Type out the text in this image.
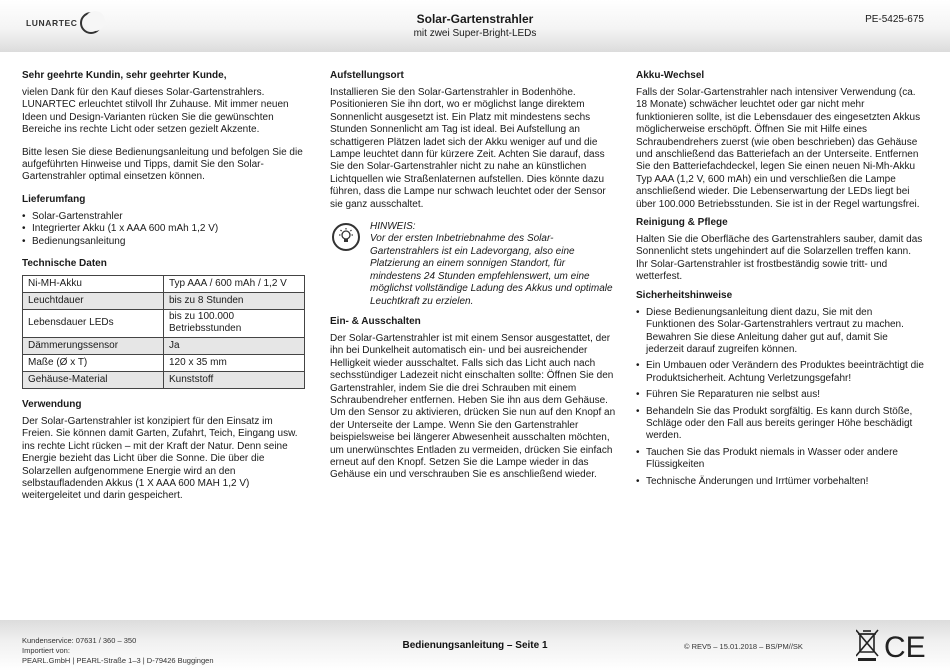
LUNARTEC	Solar-Gartenstrahler
mit zwei Super-Bright-LEDs
PE-5425-675
Sehr geehrte Kundin, sehr geehrter Kunde,

vielen Dank für den Kauf dieses Solar-Gartenstrahlers. LUNARTEC erleuchtet stilvoll Ihr Zuhause. Mit immer neuen Ideen und Design-Varianten rücken Sie die gewünschten Bereiche ins rechte Licht oder setzen gezielt Akzente.

Bitte lesen Sie diese Bedienungsanleitung und befolgen Sie die aufgeführten Hinweise und Tipps, damit Sie den Solar-Gartenstrahler optimal einsetzen können.

Lieferumfang
• Solar-Gartenstrahler
• Integrierter Akku (1 x AAA 600 mAh 1,2 V)
• Bedienungsanleitung
Technische Daten
Ni-MH-Akku	Typ AAA / 600 mAh / 1,2 V
Leuchtdauer	bis zu 8 Stunden
Lebensdauer LEDs	bis zu 100.000 Betriebsstunden
Dämmerungssensor	Ja
Maße (Ø x T)	120 x 35 mm
Gehäuse-Material	Kunststoff
Verwendung

Der Solar-Gartenstrahler ist konzipiert für den Einsatz im Freien. Sie können damit Garten, Zufahrt, Teich, Eingang usw. ins rechte Licht rücken – mit der Kraft der Natur. Denn seine Energie bezieht das Licht über die Sonne. Die über die Solarzellen aufgenommene Energie wird an den selbstaufladenden Akkus (1 X AAA 600 MAH 1,2 V) weitergeleitet und darin gespeichert.

Aufstellungsort

Installieren Sie den Solar-Gartenstrahler in Bodenhöhe. Positionieren Sie ihn dort, wo er möglichst lange direktem Sonnenlicht ausgesetzt ist. Ein Platz mit mindestens sechs Stunden Sonnenlicht am Tag ist ideal. Bei Aufstellung an schattigeren Plätzen ladet sich der Akku weniger auf und die Lampe leuchtet dann für kürzere Zeit. Achten Sie darauf, dass Sie den Solar-Gartenstrahler nicht zu nahe an künstlichen Lichtquellen wie Straßenlaternen aufstellen. Dies könnte dazu führen, dass die Lampe nur schwach leuchtet oder der Sensor sie ganz ausschaltet.

HINWEIS:
Vor der ersten Inbetriebnahme des Solar-Gartenstrahlers ist ein Ladevorgang, also eine Platzierung an einem sonnigen Standort, für mindestens 24 Stunden empfehlenswert, um eine möglichst vollständige Ladung des Akkus und optimale Leuchtkraft zu erzielen.
Ein- & Ausschalten

Der Solar-Gartenstrahler ist mit einem Sensor ausgestattet, der ihn bei Dunkelheit automatisch ein- und bei ausreichender Helligkeit wieder ausschaltet. Falls sich das Licht auch nach sechsstündiger Ladezeit nicht einschalten sollte: Öffnen Sie den Gartenstrahler, indem Sie die drei Schrauben mit einem Schraubendreher entfernen. Heben Sie ihn aus dem Gehäuse. Um den Sensor zu aktivieren, drücken Sie nun auf den Knopf an der Unterseite der Lampe. Wenn Sie den Gartenstrahler beispielsweise bei längerer Abwesenheit ausschalten möchten, um unerwünschtes Entladen zu vermeiden, drücken Sie einfach erneut auf den Knopf. Setzen Sie die Lampe wieder in das Gehäuse ein und verschrauben Sie es anschließend wieder.

Akku-Wechsel

Falls der Solar-Gartenstrahler nach intensiver Verwendung (ca. 18 Monate) schwächer leuchtet oder gar nicht mehr funktionieren sollte, ist die Lebensdauer des eingesetzten Akkus möglicherweise erschöpft. Öffnen Sie mit Hilfe eines Schraubendrehers zuerst (wie oben beschrieben) das Gehäuse und anschließend das Batteriefach an der Unterseite. Entfernen Sie den Batteriefachdeckel, legen Sie einen neuen Ni-Mh-Akku Typ AAA (1,2 V, 600 mAh) ein und verschließen die Lampe anschließend wieder. Die Lebenserwartung der LEDs liegt bei über 100.000 Betriebsstunden. Sie ist in der Regel wartungsfrei.

Reinigung & Pflege

Halten Sie die Oberfläche des Gartenstrahlers sauber, damit das Sonnenlicht stets ungehindert auf die Solarzellen treffen kann. Ihr Solar-Gartenstrahler ist frostbeständig sowie tritt- und wetterfest.

Sicherheitshinweise
• Diese Bedienungsanleitung dient dazu, Sie mit den Funktionen des Solar-Gartenstrahlers vertraut zu machen. Bewahren Sie diese Anleitung daher gut auf, damit Sie jederzeit darauf zugreifen können.
• Ein Umbauen oder Verändern des Produktes beeinträchtigt die Produktsicherheit. Achtung Verletzungsgefahr!
• Führen Sie Reparaturen nie selbst aus!
• Behandeln Sie das Produkt sorgfältig. Es kann durch Stöße, Schläge oder den Fall aus bereits geringer Höhe beschädigt werden.
• Tauchen Sie das Produkt niemals in Wasser oder andere Flüssigkeiten
• Technische Änderungen und Irrtümer vorbehalten!
Kundenservice: 07631 / 360 – 350
Importiert von:
PEARL.GmbH | PEARL-Straße 1–3 | D-79426 Buggingen
Bedienungsanleitung – Seite 1	© REV5 – 15.01.2018 – BS/PM//SK	CE
